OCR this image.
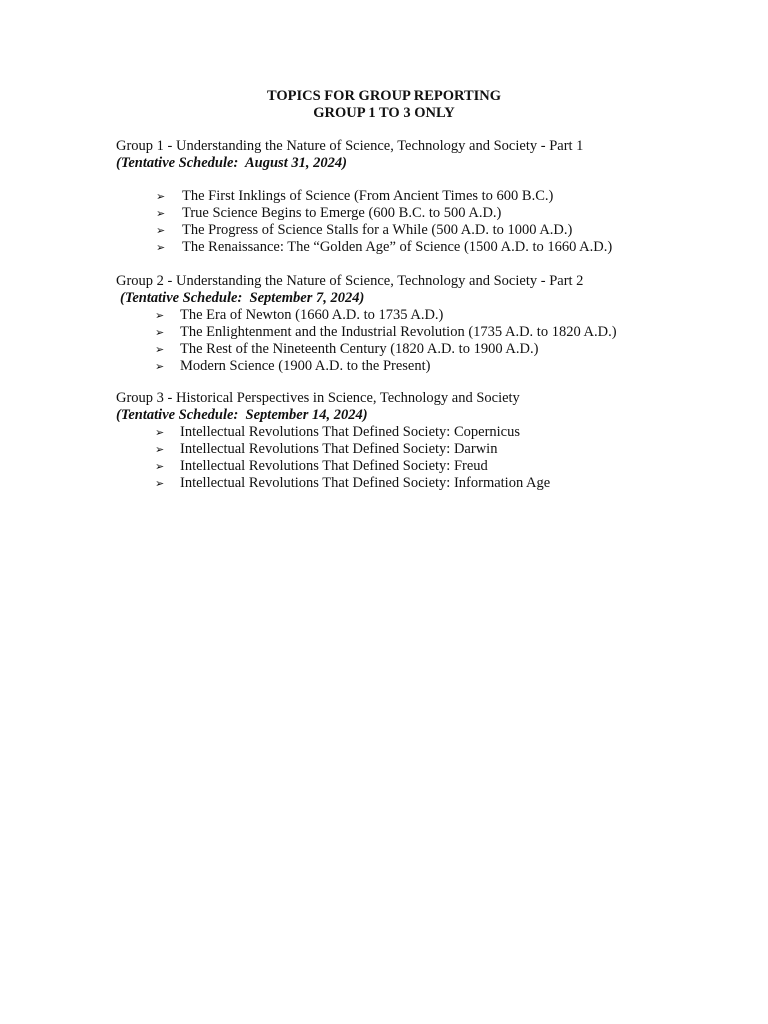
TOPICS FOR GROUP REPORTING
GROUP 1 TO 3 ONLY
Group 1 - Understanding the Nature of Science, Technology and Society - Part 1
(Tentative Schedule:  August 31, 2024)
➢ The First Inklings of Science (From Ancient Times to 600 B.C.)
➢ True Science Begins to Emerge (600 B.C. to 500 A.D.)
➢ The Progress of Science Stalls for a While (500 A.D. to 1000 A.D.)
➢ The Renaissance: The “Golden Age” of Science (1500 A.D. to 1660 A.D.)
Group 2 - Understanding the Nature of Science, Technology and Society - Part 2
(Tentative Schedule:  September 7, 2024)
➢ The Era of Newton (1660 A.D. to 1735 A.D.)
➢ The Enlightenment and the Industrial Revolution (1735 A.D. to 1820 A.D.)
➢ The Rest of the Nineteenth Century (1820 A.D. to 1900 A.D.)
➢ Modern Science (1900 A.D. to the Present)
Group 3 - Historical Perspectives in Science, Technology and Society
(Tentative Schedule:  September 14, 2024)
➢ Intellectual Revolutions That Defined Society: Copernicus
➢ Intellectual Revolutions That Defined Society: Darwin
➢ Intellectual Revolutions That Defined Society: Freud
➢ Intellectual Revolutions That Defined Society: Information Age
